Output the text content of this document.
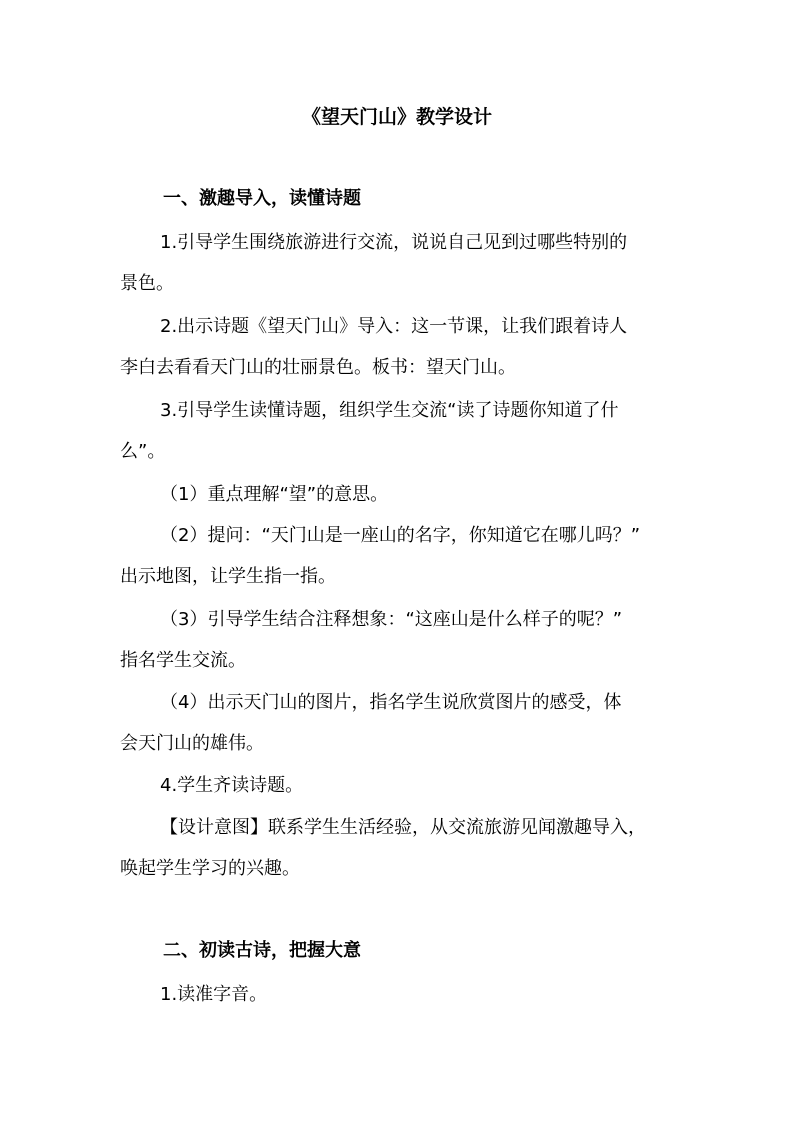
《望天门山》教学设计
一、激趣导入，读懂诗题
1.引导学生围绕旅游进行交流，说说自己见到过哪些特别的
景色。
2.出示诗题《望天门山》导入：这一节课，让我们跟着诗人
李白去看看天门山的壮丽景色。板书：望天门山。
3.引导学生读懂诗题，组织学生交流“读了诗题你知道了什
么”。
（1）重点理解“望”的意思。
（2）提问：“天门山是一座山的名字，你知道它在哪儿吗？”
出示地图，让学生指一指。
（3）引导学生结合注释想象：“这座山是什么样子的呢？”
指名学生交流。
（4）出示天门山的图片，指名学生说欣赏图片的感受，体
会天门山的雄伟。
4.学生齐读诗题。
【设计意图】联系学生生活经验，从交流旅游见闻激趣导入，
唤起学生学习的兴趣。
二、初读古诗，把握大意
1.读准字音。
